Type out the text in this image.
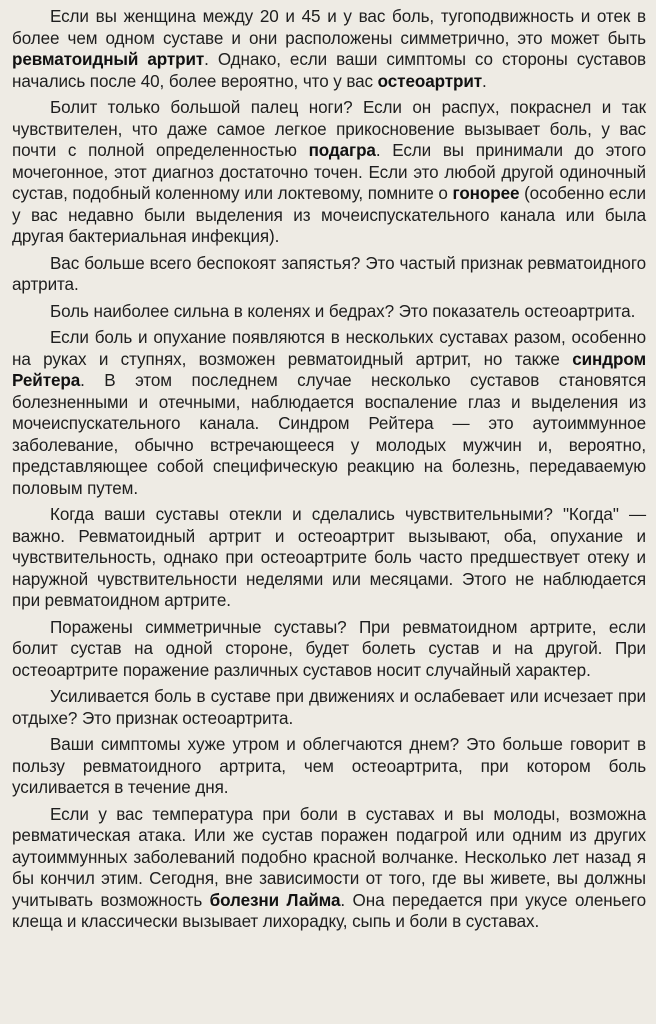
Если вы женщина между 20 и 45 и у вас боль, тугоподвижность и отек в более чем одном суставе и они расположены симметрично, это может быть ревматоидный артрит. Однако, если ваши симптомы со стороны суставов начались после 40, более вероятно, что у вас остеоартрит.

Болит только большой палец ноги? Если он распух, покраснел и так чувствителен, что даже самое легкое прикосновение вызывает боль, у вас почти с полной определенностью подагра. Если вы принимали до этого мочегонное, этот диагноз достаточно точен. Если это любой другой одиночный сустав, подобный коленному или локтевому, помните о гонорее (особенно если у вас недавно были выделения из мочеиспускательного канала или была другая бактериальная инфекция).

Вас больше всего беспокоят запястья? Это частый признак ревматоидного артрита.

Боль наиболее сильна в коленях и бедрах? Это показатель остеоартрита.

Если боль и опухание появляются в нескольких суставах разом, особенно на руках и ступнях, возможен ревматоидный артрит, но также синдром Рейтера. В этом последнем случае несколько суставов становятся болезненными и отечными, наблюдается воспаление глаз и выделения из мочеиспускательного канала. Синдром Рейтера — это аутоиммунное заболевание, обычно встречающееся у молодых мужчин и, вероятно, представляющее собой специфическую реакцию на болезнь, передаваемую половым путем.

Когда ваши суставы отекли и сделались чувствительными? "Когда" — важно. Ревматоидный артрит и остеоартрит вызывают, оба, опухание и чувствительность, однако при остеоартрите боль часто предшествует отеку и наружной чувствительности неделями или месяцами. Этого не наблюдается при ревматоидном артрите.

Поражены симметричные суставы? При ревматоидном артрите, если болит сустав на одной стороне, будет болеть сустав и на другой. При остеоартрите поражение различных суставов носит случайный характер.

Усиливается боль в суставе при движениях и ослабевает или исчезает при отдыхе? Это признак остеоартрита.

Ваши симптомы хуже утром и облегчаются днем? Это больше говорит в пользу ревматоидного артрита, чем остеоартрита, при котором боль усиливается в течение дня.

Если у вас температура при боли в суставах и вы молоды, возможна ревматическая атака. Или же сустав поражен подагрой или одним из других аутоиммунных заболеваний подобно красной волчанке. Несколько лет назад я бы кончил этим. Сегодня, вне зависимости от того, где вы живете, вы должны учитывать возможность болезни Лайма. Она передается при укусе оленьего клеща и классически вызывает лихорадку, сыпь и боли в суставах.
